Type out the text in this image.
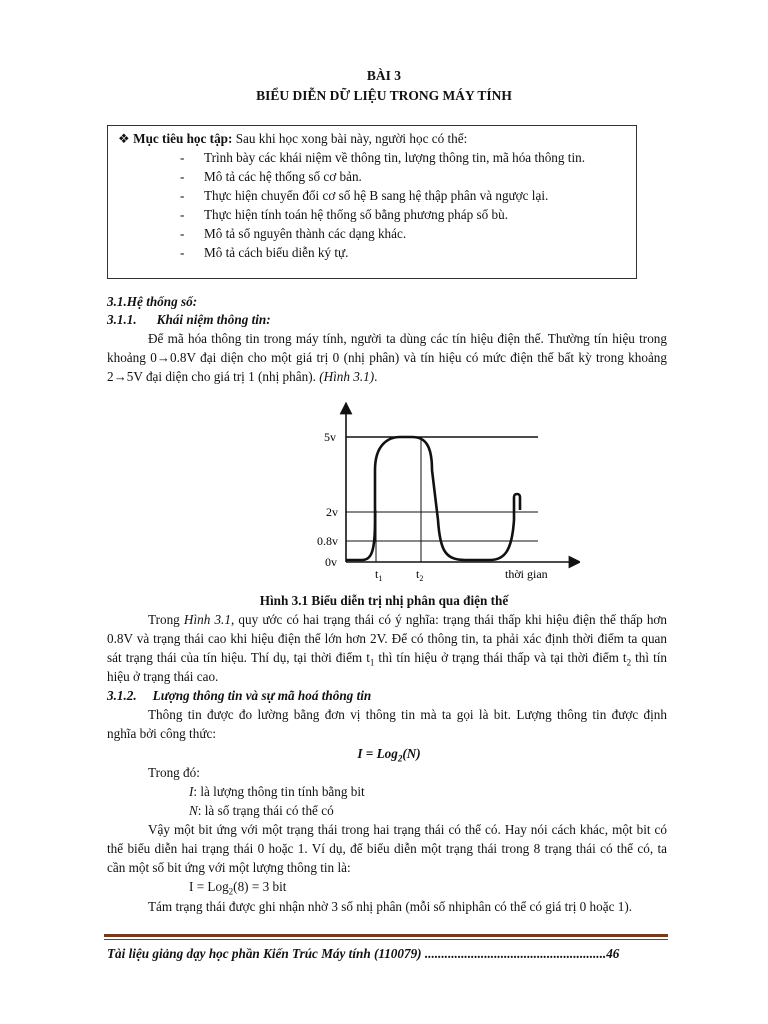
BÀI 3
BIỂU DIỄN DỮ LIỆU TRONG MÁY TÍNH
❖ Mục tiêu học tập: Sau khi học xong bài này, người học có thể:
- Trình bày các khái niệm về thông tin, lượng thông tin, mã hóa thông tin.
- Mô tả các hệ thống số cơ bản.
- Thực hiện chuyển đổi cơ số hệ B sang hệ thập phân và ngược lại.
- Thực hiện tính toán hệ thống số bằng phương pháp số bù.
- Mô tả số nguyên thành các dạng khác.
- Mô tả cách biểu diễn ký tự.
3.1.Hệ thống số:
3.1.1. Khái niệm thông tin:
Để mã hóa thông tin trong máy tính, người ta dùng các tín hiệu điện thế. Thường tín hiệu trong
khoảng 0→0.8V đại diện cho một giá trị 0 (nhị phân) và tín hiệu có mức điện thế bất kỳ trong khoảng
2→5V đại diện cho giá trị 1 (nhị phân). (Hình 3.1).
5v
2v
0.8v
0v
$t_1$	$t_2$	thời gian
Hình 3.1 Biểu diễn trị nhị phân qua điện thế
Trong Hình 3.1, quy ước có hai trạng thái có ý nghĩa: trạng thái thấp khi hiệu điện thế thấp hơn
0.8V và trạng thái cao khi hiệu điện thế lớn hơn 2V. Để có thông tin, ta phải xác định thời điểm ta quan
sát trạng thái của tín hiệu. Thí dụ, tại thời điểm $t_1$ thì tín hiệu ở trạng thái thấp và tại thời điểm $t_2$ thì tín
hiệu ở trạng thái cao.
3.1.2. Lượng thông tin và sự mã hoá thông tin
Thông tin được đo lường bằng đơn vị thông tin mà ta gọi là bit. Lượng thông tin được định
nghĩa bởi công thức:
I = Log$_2$(N)
Trong đó:
I: là lượng thông tin tính bằng bit
N: là số trạng thái có thể có
Vậy một bit ứng với một trạng thái trong hai trạng thái có thể có. Hay nói cách khác, một bit có
thể biểu diễn hai trạng thái 0 hoặc 1. Ví dụ, để biểu diễn một trạng thái trong 8 trạng thái có thể có, ta
cần một số bit ứng với một lượng thông tin là:
I = Log$_2$(8) = 3 bit
Tám trạng thái được ghi nhận nhờ 3 số nhị phân (mỗi số nhiphân có thể có giá trị 0 hoặc 1).
Tài liệu giảng dạy học phần Kiến Trúc Máy tính (110079) .......................................................46
